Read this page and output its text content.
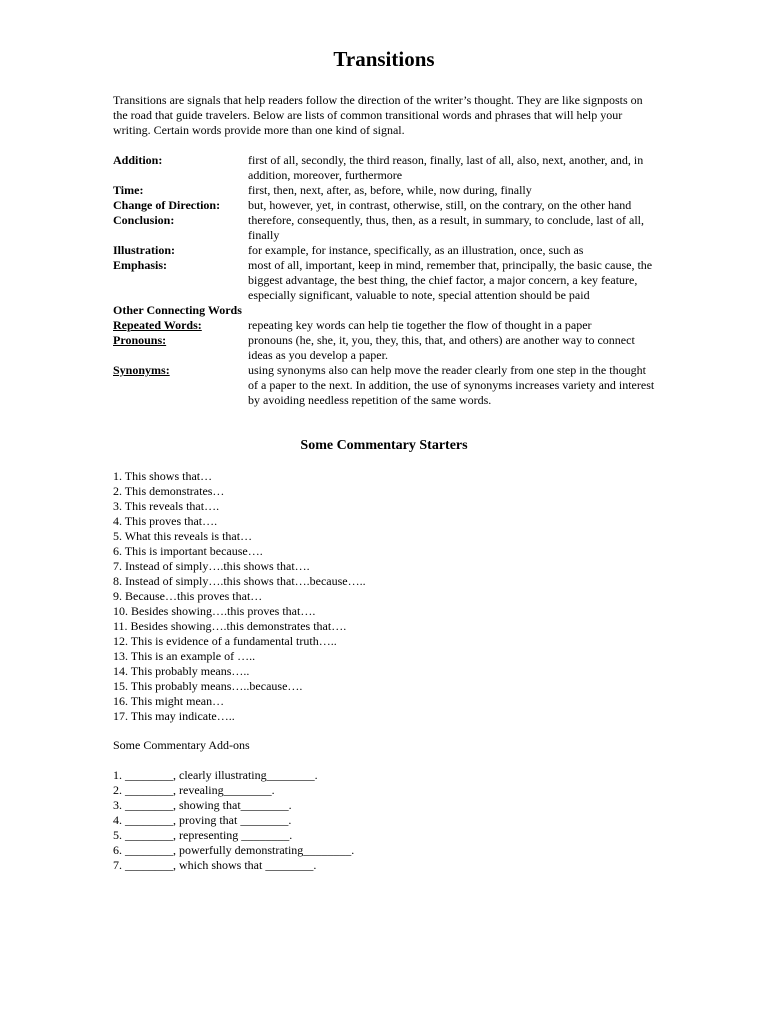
Transitions
Transitions are signals that help readers follow the direction of the writer’s thought. They are like signposts on the road that guide travelers. Below are lists of common transitional words and phrases that will help your writing. Certain words provide more than one kind of signal.
Addition:	first of all, secondly, the third reason, finally, last of all, also, next, another, and, in addition, moreover, furthermore
Time:	first, then, next, after, as, before, while, now during, finally
Change of Direction:	but, however, yet, in contrast, otherwise, still, on the contrary, on the other hand
Conclusion:	therefore, consequently, thus, then, as a result, in summary, to conclude, last of all, finally
Illustration:	for example, for instance, specifically, as an illustration, once, such as
Emphasis:	most of all, important, keep in mind, remember that, principally, the basic cause, the biggest advantage, the best thing, the chief factor, a major concern, a key feature, especially significant, valuable to note, special attention should be paid
Other Connecting Words
Repeated Words:	repeating key words can help tie together the flow of thought in a paper
Pronouns:	pronouns (he, she, it, you, they, this, that, and others) are another way to connect ideas as you develop a paper.
Synonyms:	using synonyms also can help move the reader clearly from one step in the thought of a paper to the next. In addition, the use of synonyms increases variety and interest by avoiding needless repetition of the same words.
Some Commentary Starters
1. This shows that…
2. This demonstrates…
3. This reveals that….
4. This proves that….
5. What this reveals is that…
6. This is important because….
7. Instead of simply….this shows that….
8. Instead of simply….this shows that….because…..
9. Because…this proves that…
10. Besides showing….this proves that….
11. Besides showing….this demonstrates that….
12. This is evidence of a fundamental truth…..
13. This is an example of …..
14. This probably means…..
15. This probably means…..because….
16. This might mean…
17. This may indicate…..
Some Commentary Add-ons
1. ________, clearly illustrating________.
2. ________, revealing________.
3. ________, showing that________.
4. ________, proving that ________.
5. ________, representing ________.
6. ________, powerfully demonstrating________.
7. ________, which shows that ________.
